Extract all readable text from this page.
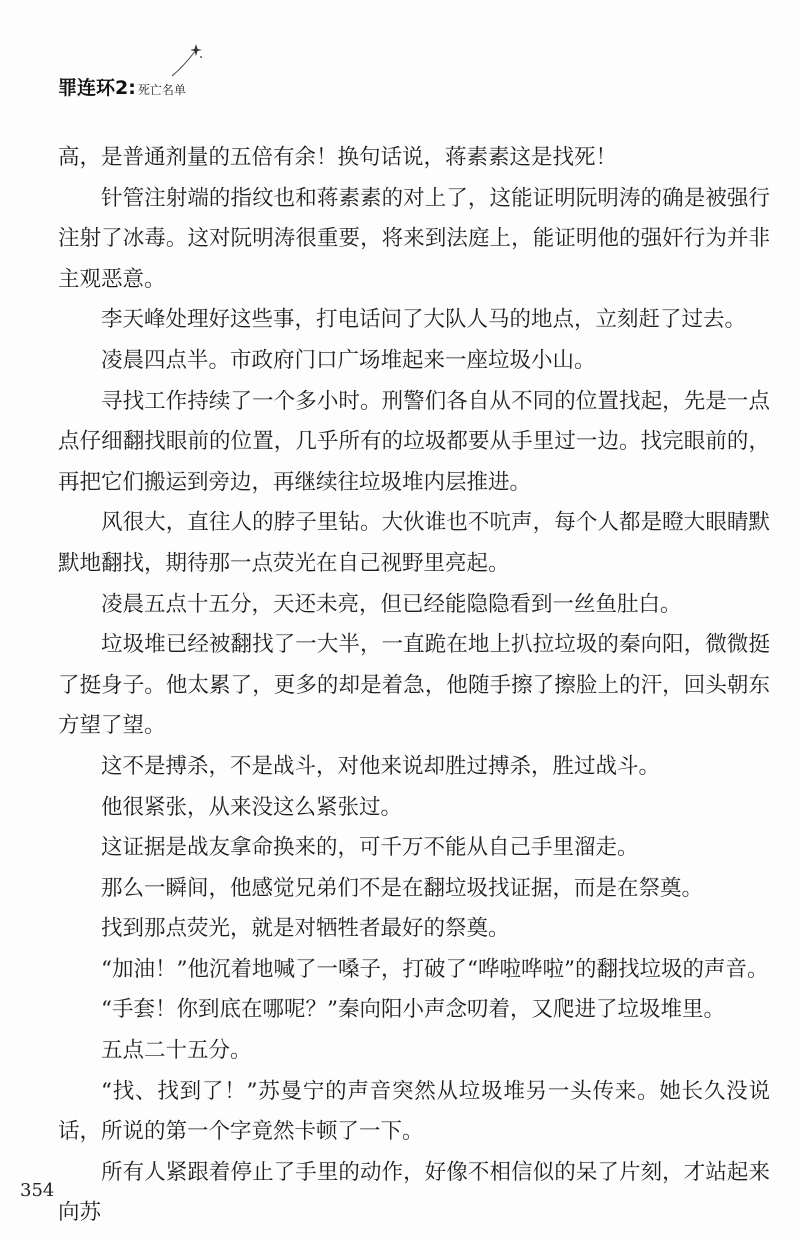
罪连环2: 死亡名单

高，是普通剂量的五倍有余！换句话说，蒋素素这是找死！

针管注射端的指纹也和蒋素素的对上了，这能证明阮明涛的确是被强行注射了冰毒。这对阮明涛很重要，将来到法庭上，能证明他的强奸行为并非主观恶意。

李天峰处理好这些事，打电话问了大队人马的地点，立刻赶了过去。

凌晨四点半。市政府门口广场堆起来一座垃圾小山。

寻找工作持续了一个多小时。刑警们各自从不同的位置找起，先是一点点仔细翻找眼前的位置，几乎所有的垃圾都要从手里过一边。找完眼前的，再把它们搬运到旁边，再继续往垃圾堆内层推进。

风很大，直往人的脖子里钻。大伙谁也不吭声，每个人都是瞪大眼睛默默地翻找，期待那一点荧光在自己视野里亮起。

凌晨五点十五分，天还未亮，但已经能隐隐看到一丝鱼肚白。

垃圾堆已经被翻找了一大半，一直跪在地上扒拉垃圾的秦向阳，微微挺了挺身子。他太累了，更多的却是着急，他随手擦了擦脸上的汗，回头朝东方望了望。

这不是搏杀，不是战斗，对他来说却胜过搏杀，胜过战斗。

他很紧张，从来没这么紧张过。

这证据是战友拿命换来的，可千万不能从自己手里溜走。

那么一瞬间，他感觉兄弟们不是在翻垃圾找证据，而是在祭奠。

找到那点荧光，就是对牺牲者最好的祭奠。

“加油！”他沉着地喊了一嗓子，打破了“哗啦哗啦”的翻找垃圾的声音。

“手套！你到底在哪呢？”秦向阳小声念叨着，又爬进了垃圾堆里。

五点二十五分。

“找、找到了！”苏曼宁的声音突然从垃圾堆另一头传来。她长久没说话，所说的第一个字竟然卡顿了一下。

所有人紧跟着停止了手里的动作，好像不相信似的呆了片刻，才站起来向苏

354
